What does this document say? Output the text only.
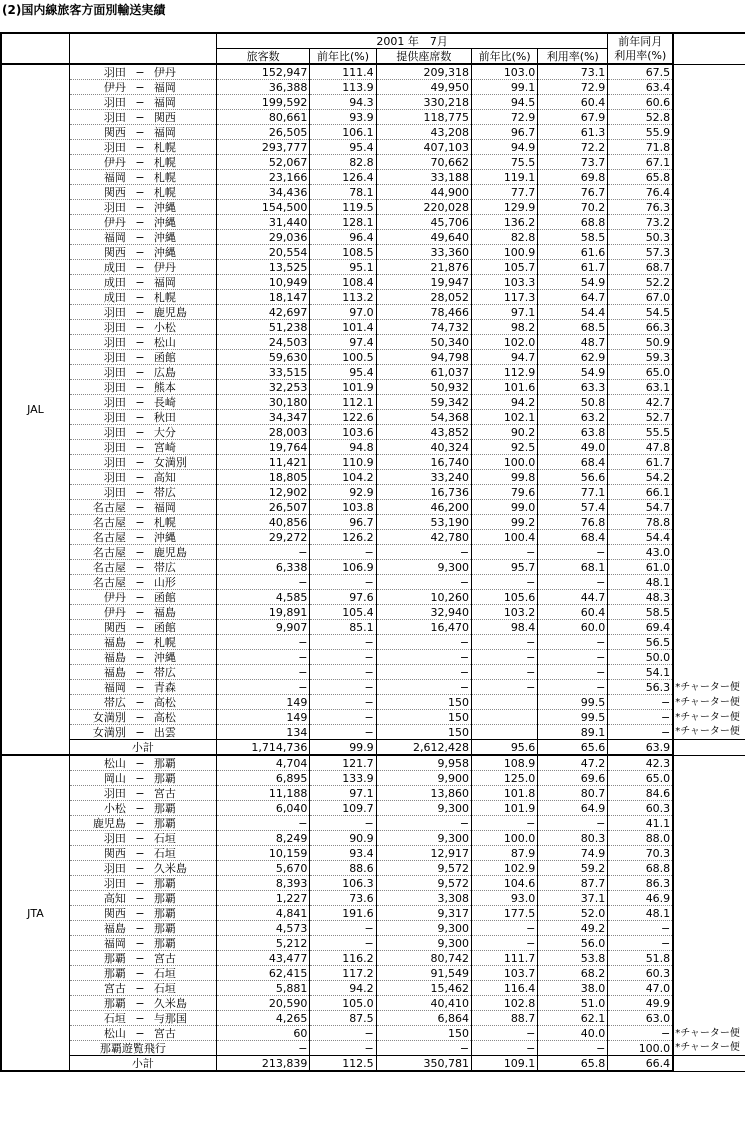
(2)国内線旅客方面別輸送実績
		2001 年　7月					前年同月	
		旅客数	前年比(%)	提供座席数	前年比(%)	利用率(%)	利用率(%)	
JAL	羽田 − 伊丹	152,947	111.4	209,318	103.0	73.1	67.5	
	伊丹 − 福岡	36,388	113.9	49,950	99.1	72.9	63.4	
	羽田 − 福岡	199,592	94.3	330,218	94.5	60.4	60.6	
	羽田 − 関西	80,661	93.9	118,775	72.9	67.9	52.8	
	関西 − 福岡	26,505	106.1	43,208	96.7	61.3	55.9	
	羽田 − 札幌	293,777	95.4	407,103	94.9	72.2	71.8	
	伊丹 − 札幌	52,067	82.8	70,662	75.5	73.7	67.1	
	福岡 − 札幌	23,166	126.4	33,188	119.1	69.8	65.8	
	関西 − 札幌	34,436	78.1	44,900	77.7	76.7	76.4	
	羽田 − 沖縄	154,500	119.5	220,028	129.9	70.2	76.3	
	伊丹 − 沖縄	31,440	128.1	45,706	136.2	68.8	73.2	
	福岡 − 沖縄	29,036	96.4	49,640	82.8	58.5	50.3	
	関西 − 沖縄	20,554	108.5	33,360	100.9	61.6	57.3	
	成田 − 伊丹	13,525	95.1	21,876	105.7	61.7	68.7	
	成田 − 福岡	10,949	108.4	19,947	103.3	54.9	52.2	
	成田 − 札幌	18,147	113.2	28,052	117.3	64.7	67.0	
	羽田 − 鹿児島	42,697	97.0	78,466	97.1	54.4	54.5	
	羽田 − 小松	51,238	101.4	74,732	98.2	68.5	66.3	
	羽田 − 松山	24,503	97.4	50,340	102.0	48.7	50.9	
	羽田 − 函館	59,630	100.5	94,798	94.7	62.9	59.3	
	羽田 − 広島	33,515	95.4	61,037	112.9	54.9	65.0	
	羽田 − 熊本	32,253	101.9	50,932	101.6	63.3	63.1	
	羽田 − 長崎	30,180	112.1	59,342	94.2	50.8	42.7	
	羽田 − 秋田	34,347	122.6	54,368	102.1	63.2	52.7	
	羽田 − 大分	28,003	103.6	43,852	90.2	63.8	55.5	
	羽田 − 宮崎	19,764	94.8	40,324	92.5	49.0	47.8	
	羽田 − 女満別	11,421	110.9	16,740	100.0	68.4	61.7	
	羽田 − 高知	18,805	104.2	33,240	99.8	56.6	54.2	
	羽田 − 帯広	12,902	92.9	16,736	79.6	77.1	66.1	
	名古屋 − 福岡	26,507	103.8	46,200	99.0	57.4	54.7	
	名古屋 − 札幌	40,856	96.7	53,190	99.2	76.8	78.8	
	名古屋 − 沖縄	29,272	126.2	42,780	100.4	68.4	54.4	
	名古屋 − 鹿児島	−	−	−	−	−	43.0	
	名古屋 − 帯広	6,338	106.9	9,300	95.7	68.1	61.0	
	名古屋 − 山形	−	−	−	−	−	48.1	
	伊丹 − 函館	4,585	97.6	10,260	105.6	44.7	48.3	
	伊丹 − 福島	19,891	105.4	32,940	103.2	60.4	58.5	
	関西 − 函館	9,907	85.1	16,470	98.4	60.0	69.4	
	福島 − 札幌	−	−	−	−	−	56.5	
	福島 − 沖縄	−	−	−	−	−	50.0	
	福島 − 帯広	−	−	−	−	−	54.1	
	福岡 − 青森	−	−	−	−	−	56.3	*チャーター便
	帯広 − 高松	149	−	150		99.5	−	*チャーター便
	女満別 − 高松	149	−	150		99.5	−	*チャーター便
	女満別 − 出雲	134	−	150		89.1	−	*チャーター便
	小計	1,714,736	99.9	2,612,428	95.6	65.6	63.9	
JTA	松山 − 那覇	4,704	121.7	9,958	108.9	47.2	42.3	
	岡山 − 那覇	6,895	133.9	9,900	125.0	69.6	65.0	
	羽田 − 宮古	11,188	97.1	13,860	101.8	80.7	84.6	
	小松 − 那覇	6,040	109.7	9,300	101.9	64.9	60.3	
	鹿児島 − 那覇	−	−	−	−	−	41.1	
	羽田 − 石垣	8,249	90.9	9,300	100.0	80.3	88.0	
	関西 − 石垣	10,159	93.4	12,917	87.9	74.9	70.3	
	羽田 − 久米島	5,670	88.6	9,572	102.9	59.2	68.8	
	羽田 − 那覇	8,393	106.3	9,572	104.6	87.7	86.3	
	高知 − 那覇	1,227	73.6	3,308	93.0	37.1	46.9	
	関西 − 那覇	4,841	191.6	9,317	177.5	52.0	48.1	
	福島 − 那覇	4,573	−	9,300	−	49.2	−	
	福岡 − 那覇	5,212	−	9,300	−	56.0	−	
	那覇 − 宮古	43,477	116.2	80,742	111.7	53.8	51.8	
	那覇 − 石垣	62,415	117.2	91,549	103.7	68.2	60.3	
	宮古 − 石垣	5,881	94.2	15,462	116.4	38.0	47.0	
	那覇 − 久米島	20,590	105.0	40,410	102.8	51.0	49.9	
	石垣 − 与那国	4,265	87.5	6,864	88.7	62.1	63.0	
	松山 − 宮古	60	−	150	−	40.0	−	*チャーター便
	那覇遊覧飛行	−	−	−	−	−	100.0	*チャーター便
	小計	213,839	112.5	350,781	109.1	65.8	66.4	
